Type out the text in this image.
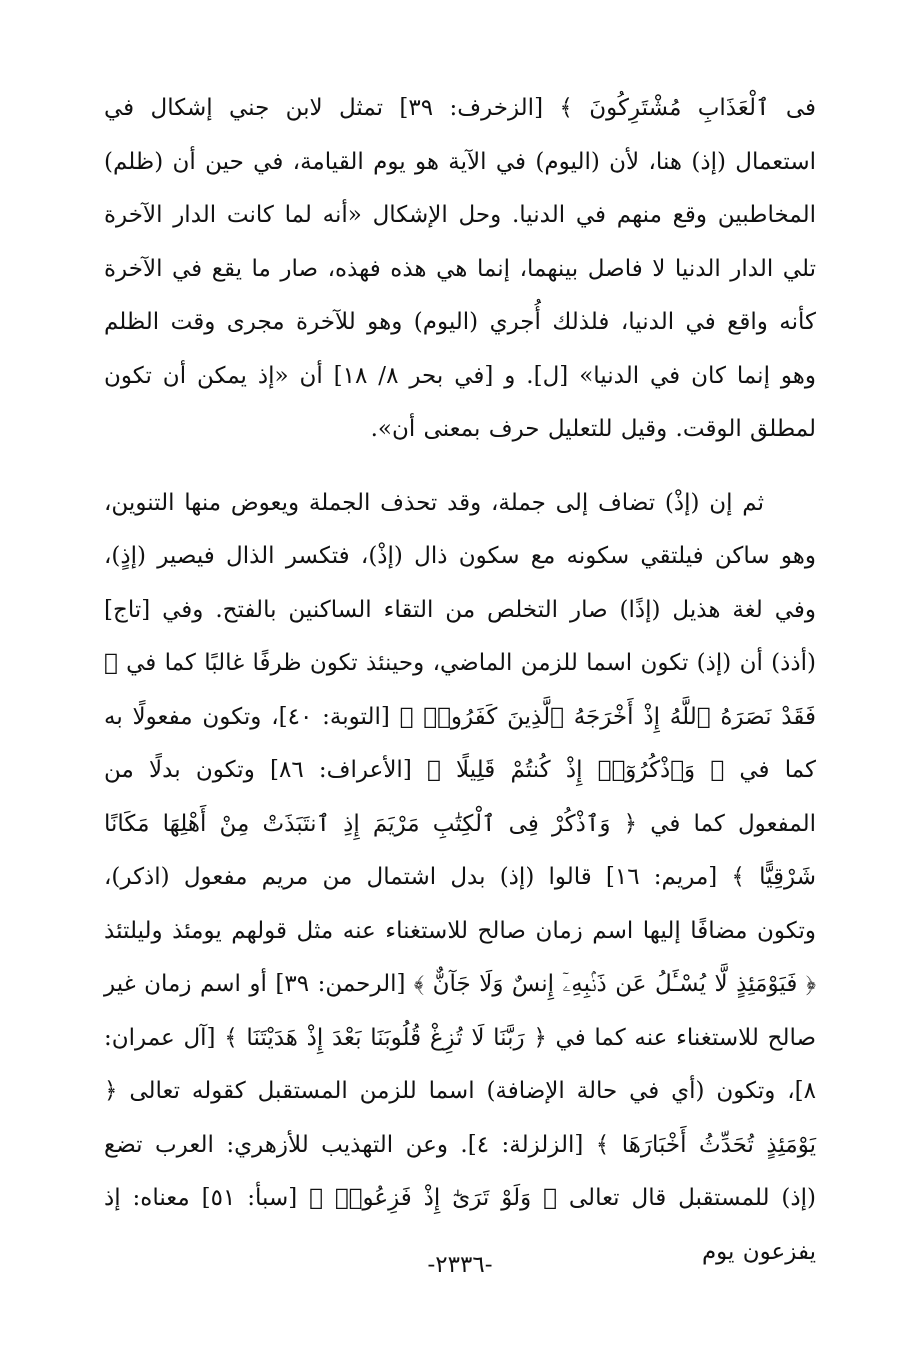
فى ٱلْعَذَابِ مُشْتَرِكُونَ ﴾ [الزخرف: ٣٩] تمثل لابن جني إشكال في استعمال (إذ) هنا، لأن (اليوم) في الآية هو يوم القيامة، في حين أن (ظلم) المخاطبين وقع منهم في الدنيا. وحل الإشكال «أنه لما كانت الدار الآخرة تلي الدار الدنيا لا فاصل بينهما، إنما هي هذه فهذه، صار ما يقع في الآخرة كأنه واقع في الدنيا، فلذلك أُجري (اليوم) وهو للآخرة مجرى وقت الظلم وهو إنما كان في الدنيا» [ل]. و [في بحر ٨/ ١٨] أن «إذ يمكن أن تكون لمطلق الوقت. وقيل للتعليل حرف بمعنى أن».

ثم إن (إذْ) تضاف إلى جملة، وقد تحذف الجملة ويعوض منها التنوين، وهو ساكن فيلتقي سكونه مع سكون ذال (إذْ)، فتكسر الذال فيصير (إذٍ)، وفي لغة هذيل (إذًا) صار التخلص من التقاء الساكنين بالفتح. وفي [تاج] (أذذ) أن (إذ) تكون اسما للزمن الماضي، وحينئذ تكون ظرفًا غالبًا كما في ﴿ فَقَدْ نَصَرَهُ ٱللَّهُ إِذْ أَخْرَجَهُ ٱلَّذِينَ كَفَرُوا۟ ﴾ [التوبة: ٤٠]، وتكون مفعولًا به كما في ﴿ وَٱذْكُرُوٓا۟ إِذْ كُنتُمْ قَلِيلًا ﴾ [الأعراف: ٨٦] وتكون بدلًا من المفعول كما في ﴿ وَٱذْكُرْ فِى ٱلْكِتَٰبِ مَرْيَمَ إِذِ ٱنتَبَذَتْ مِنْ أَهْلِهَا مَكَانًا شَرْقِيًّا ﴾ [مريم: ١٦] قالوا (إذ) بدل اشتمال من مريم مفعول (اذكر)، وتكون مضافًا إليها اسم زمان صالح للاستغناء عنه مثل قولهم يومئذ وليلتئذ ﴿ فَيَوْمَئِذٍ لَّا يُسْـَٔلُ عَن ذَنۢبِهِۦٓ إِنسٌ وَلَا جَآنٌّ ﴾ [الرحمن: ٣٩] أو اسم زمان غير صالح للاستغناء عنه كما في ﴿ رَبَّنَا لَا تُزِغْ قُلُوبَنَا بَعْدَ إِذْ هَدَيْتَنَا ﴾ [آل عمران: ٨]، وتكون (أي في حالة الإضافة) اسما للزمن المستقبل كقوله تعالى ﴿ يَوْمَئِذٍ تُحَدِّثُ أَخْبَارَهَا ﴾ [الزلزلة: ٤]. وعن التهذيب للأزهري: العرب تضع (إذ) للمستقبل قال تعالى ﴿ وَلَوْ تَرَىٰٓ إِذْ فَزِعُوا۟ ﴾ [سبأ: ٥١] معناه: إذ يفزعون يوم

-٢٣٣٦-
